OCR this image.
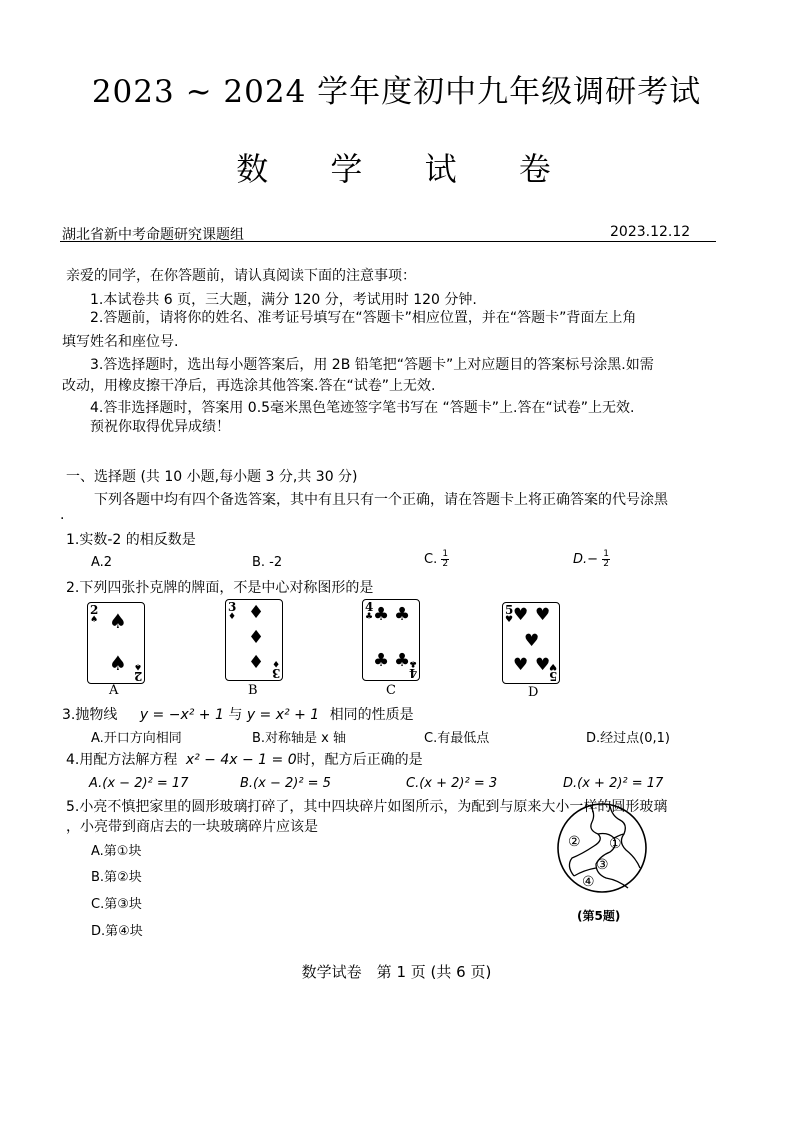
2023 ~ 2024 学年度初中九年级调研考试
数 学 试 卷
湖北省新中考命题研究课题组	2023.12.12
亲爱的同学，在你答题前，请认真阅读下面的注意事项：
1.本试卷共 6 页，三大题，满分 120 分，考试用时 120 分钟.
2.答题前，请将你的姓名、准考证号填写在“答题卡”相应位置，并在“答题卡”背面左上角
填写姓名和座位号.
3.答选择题时，选出每小题答案后，用 2B 铅笔把“答题卡”上对应题目的答案标号涂黑.如需
改动，用橡皮擦干净后，再选涂其他答案.答在“试卷”上无效.
4.答非选择题时，答案用 0.5毫米黑色笔迹签字笔书写在 “答题卡”上.答在“试卷”上无效.
预祝你取得优异成绩！
一、选择题 (共 10 小题,每小题 3 分,共 30 分)
下列各题中均有四个备选答案，其中有且只有一个正确，请在答题卡上将正确答案的代号涂黑
.
1.实数-2 的相反数是
A.2	B. -2	C. $\frac{1}{2}$	$D.- \frac{1}{2}$
2.下列四张扑克牌的牌面，不是中心对称图形的是
2
♠ ♠
♠
2
♠
A
3
♦ ♦
♦
♦ 3
♦
B
4
♣ ♣ ♣
♣ ♣
4
♣
C
5
♥ ♥ ♥
♥
♥ ♥
5
♥
D
3.抛物线 y = −x² + 1 与 y = x² + 1 相同的性质是
A.开口方向相同	B.对称轴是 x 轴	C.有最低点	D.经过点(0,1)
4.用配方法解方程 x² − 4x − 1 = 0时，配方后正确的是
A.(x − 2)² = 17	B.(x − 2)² = 5	C.(x + 2)² = 3	D.(x + 2)² = 17
5.小亮不慎把家里的圆形玻璃打碎了，其中四块碎片如图所示，为配到与原来大小一样的圆形玻璃
，小亮带到商店去的一块玻璃碎片应该是
A.第①块
B.第②块
C.第③块
D.第④块
② ①
③
④
(第5题)
数学试卷　第 1 页 (共 6 页)
